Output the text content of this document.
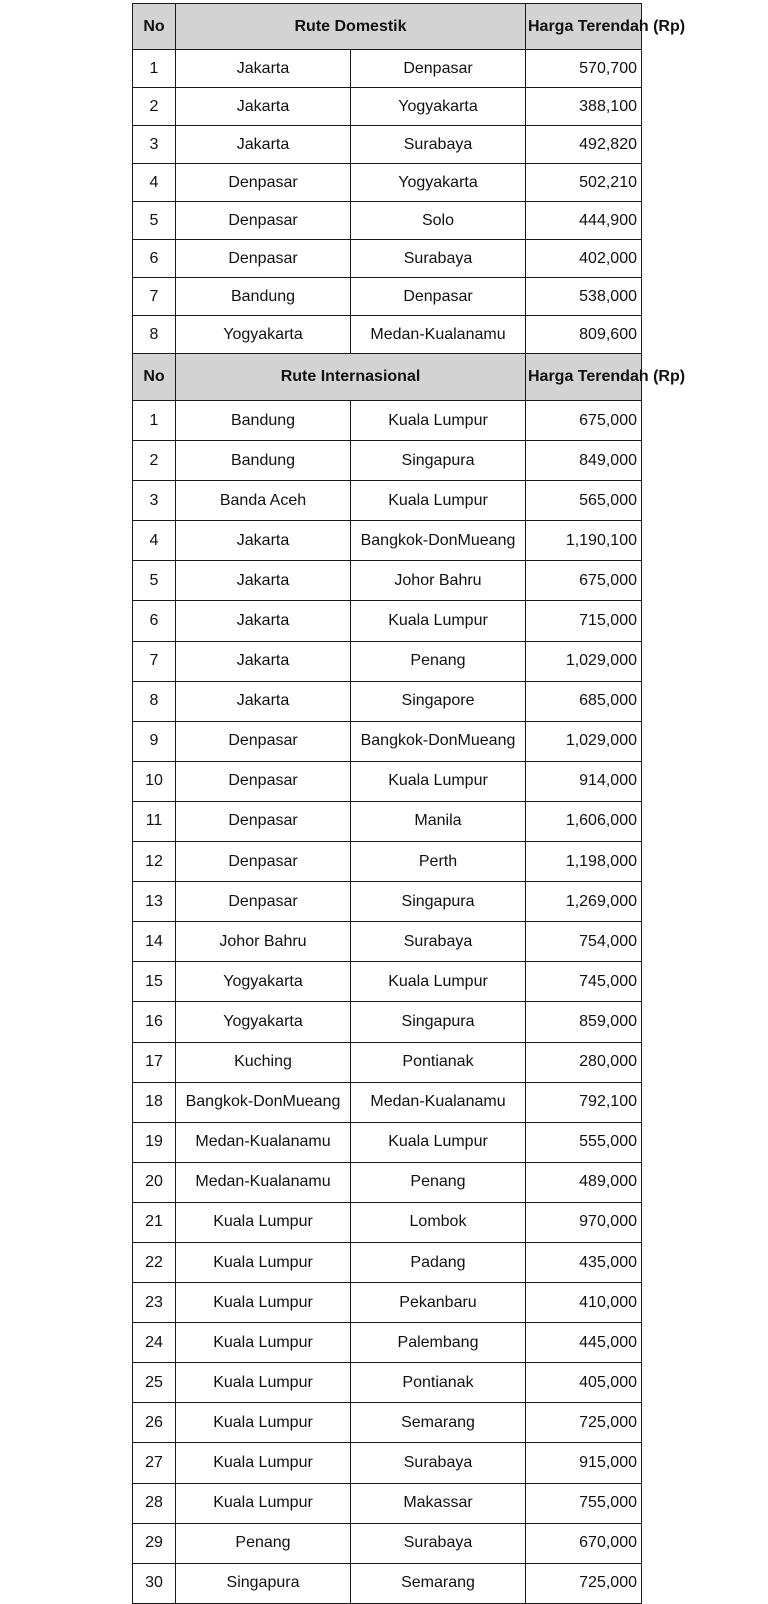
No	Rute Domestik		Harga Terendah (Rp)
1	Jakarta	Denpasar	570,700
2	Jakarta	Yogyakarta	388,100
3	Jakarta	Surabaya	492,820
4	Denpasar	Yogyakarta	502,210
5	Denpasar	Solo	444,900
6	Denpasar	Surabaya	402,000
7	Bandung	Denpasar	538,000
8	Yogyakarta	Medan-Kualanamu	809,600
No	Rute Internasional		Harga Terendah (Rp)
1	Bandung	Kuala Lumpur	675,000
2	Bandung	Singapura	849,000
3	Banda Aceh	Kuala Lumpur	565,000
4	Jakarta	Bangkok-DonMueang	1,190,100
5	Jakarta	Johor Bahru	675,000
6	Jakarta	Kuala Lumpur	715,000
7	Jakarta	Penang	1,029,000
8	Jakarta	Singapore	685,000
9	Denpasar	Bangkok-DonMueang	1,029,000
10	Denpasar	Kuala Lumpur	914,000
11	Denpasar	Manila	1,606,000
12	Denpasar	Perth	1,198,000
13	Denpasar	Singapura	1,269,000
14	Johor Bahru	Surabaya	754,000
15	Yogyakarta	Kuala Lumpur	745,000
16	Yogyakarta	Singapura	859,000
17	Kuching	Pontianak	280,000
18	Bangkok-DonMueang	Medan-Kualanamu	792,100
19	Medan-Kualanamu	Kuala Lumpur	555,000
20	Medan-Kualanamu	Penang	489,000
21	Kuala Lumpur	Lombok	970,000
22	Kuala Lumpur	Padang	435,000
23	Kuala Lumpur	Pekanbaru	410,000
24	Kuala Lumpur	Palembang	445,000
25	Kuala Lumpur	Pontianak	405,000
26	Kuala Lumpur	Semarang	725,000
27	Kuala Lumpur	Surabaya	915,000
28	Kuala Lumpur	Makassar	755,000
29	Penang	Surabaya	670,000
30	Singapura	Semarang	725,000
